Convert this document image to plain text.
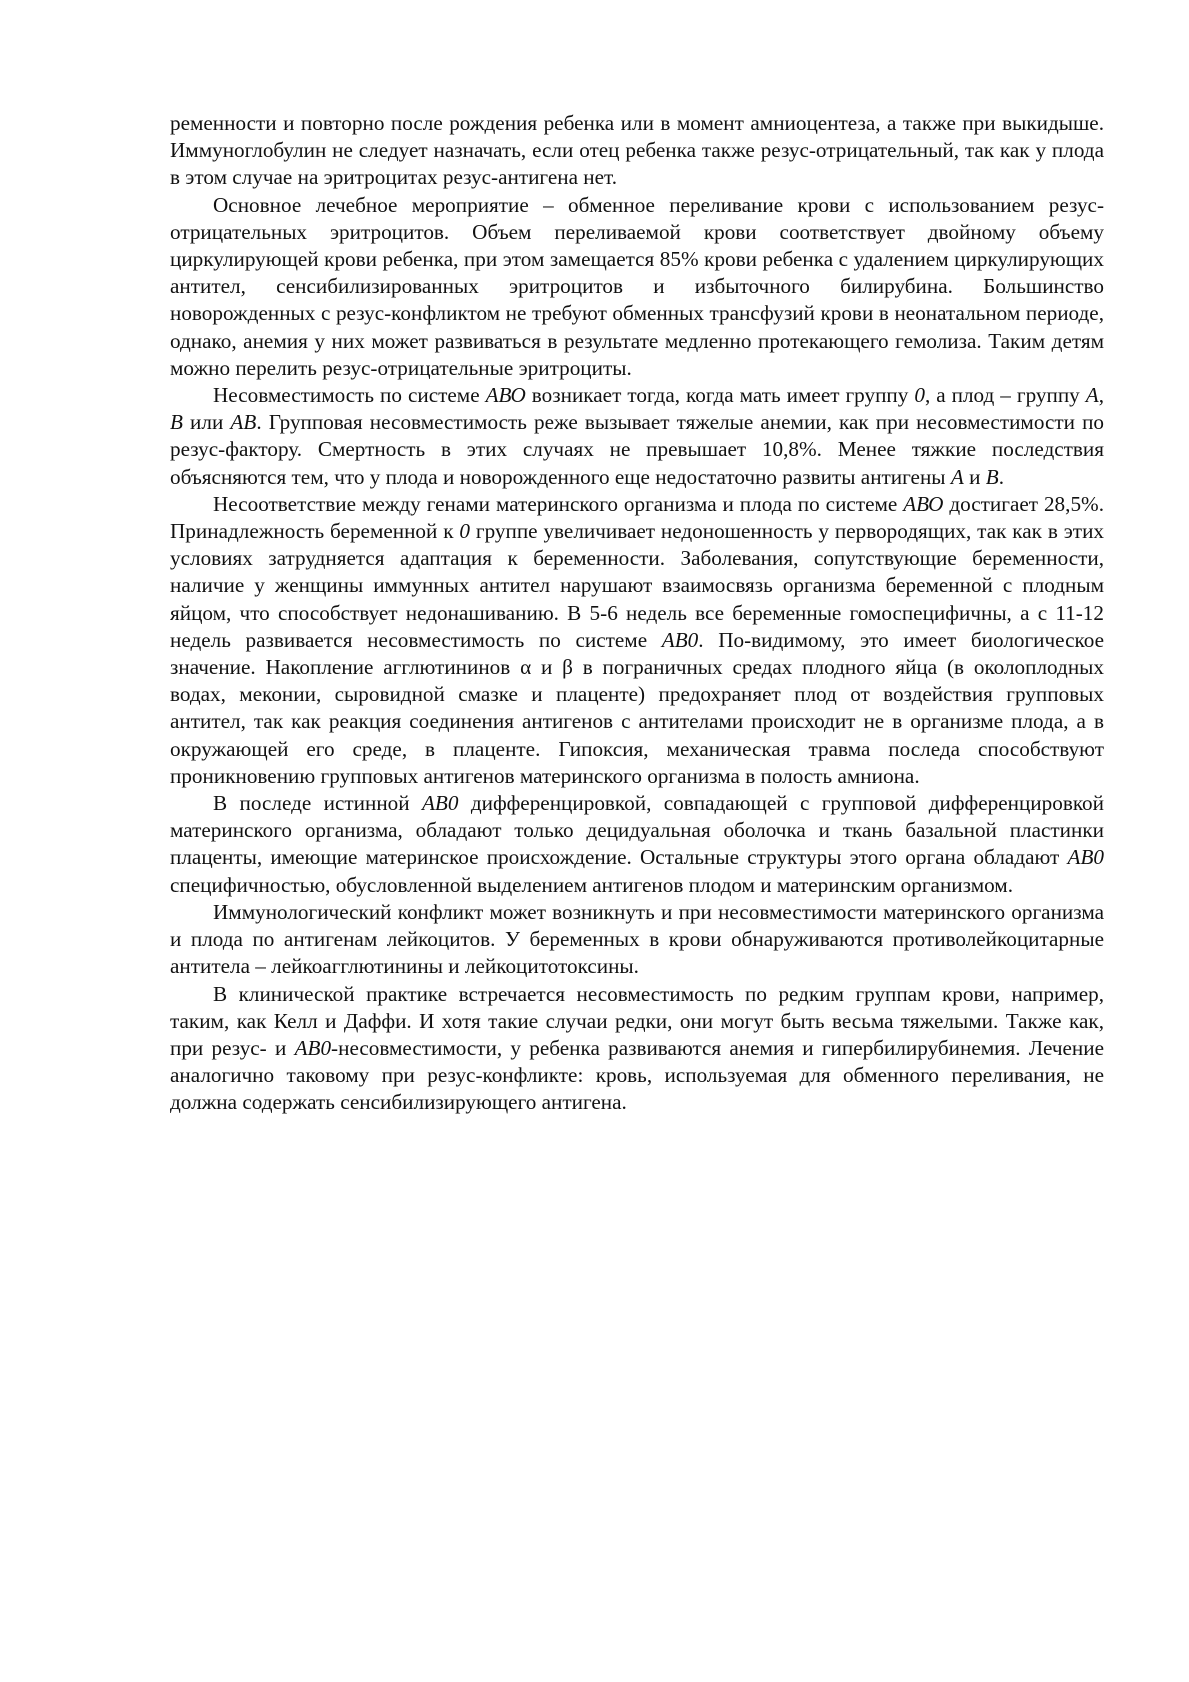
ременности и повторно после рождения ребенка или в момент амниоцентеза, а также при выкидыше. Иммуноглобулин не следует назначать, если отец ребенка также резус-отрицательный, так как у плода в этом случае на эритроцитах резус-антигена нет.

Основное лечебное мероприятие – обменное переливание крови с использованием резус-отрицательных эритроцитов. Объем переливаемой крови соответствует двойному объему циркулирующей крови ребенка, при этом замещается 85% крови ребенка с удалением циркулирующих антител, сенсибилизированных эритроцитов и избыточного билирубина. Большинство новорожденных с резус-конфликтом не требуют обменных трансфузий крови в неонатальном периоде, однако, анемия у них может развиваться в результате медленно протекающего гемолиза. Таким детям можно перелить резус-отрицательные эритроциты.

Несовместимость по системе АВО возникает тогда, когда мать имеет группу 0, а плод – группу А, В или АВ. Групповая несовместимость реже вызывает тяжелые анемии, как при несовместимости по резус-фактору. Смертность в этих случаях не превышает 10,8%. Менее тяжкие последствия объясняются тем, что у плода и новорожденного еще недостаточно развиты антигены А и В.

Несоответствие между генами материнского организма и плода по системе АВО достигает 28,5%. Принадлежность беременной к 0 группе увеличивает недоношенность у первородящих, так как в этих условиях затрудняется адаптация к беременности. Заболевания, сопутствующие беременности, наличие у женщины иммунных антител нарушают взаимосвязь организма беременной с плодным яйцом, что способствует недонашиванию. В 5-6 недель все беременные гомоспецифичны, а с 11-12 недель развивается несовместимость по системе АВ0. По-видимому, это имеет биологическое значение. Накопление агглютининов α и β в пограничных средах плодного яйца (в околоплодных водах, меконии, сыровидной смазке и плаценте) предохраняет плод от воздействия групповых антител, так как реакция соединения антигенов с антителами происходит не в организме плода, а в окружающей его среде, в плаценте. Гипоксия, механическая травма последа способствуют проникновению групповых антигенов материнского организма в полость амниона.

В последе истинной АВ0 дифференцировкой, совпадающей с групповой дифференцировкой материнского организма, обладают только децидуальная оболочка и ткань базальной пластинки плаценты, имеющие материнское происхождение. Остальные структуры этого органа обладают АВ0 специфичностью, обусловленной выделением антигенов плодом и материнским организмом.

Иммунологический конфликт может возникнуть и при несовместимости материнского организма и плода по антигенам лейкоцитов. У беременных в крови обнаруживаются противолейкоцитарные антитела – лейкоагглютинины и лейкоцитотоксины.

В клинической практике встречается несовместимость по редким группам крови, например, таким, как Келл и Даффи. И хотя такие случаи редки, они могут быть весьма тяжелыми. Также как, при резус- и АВ0-несовместимости, у ребенка развиваются анемия и гипербилирубинемия. Лечение аналогично таковому при резус-конфликте: кровь, используемая для обменного переливания, не должна содержать сенсибилизирующего антигена.
